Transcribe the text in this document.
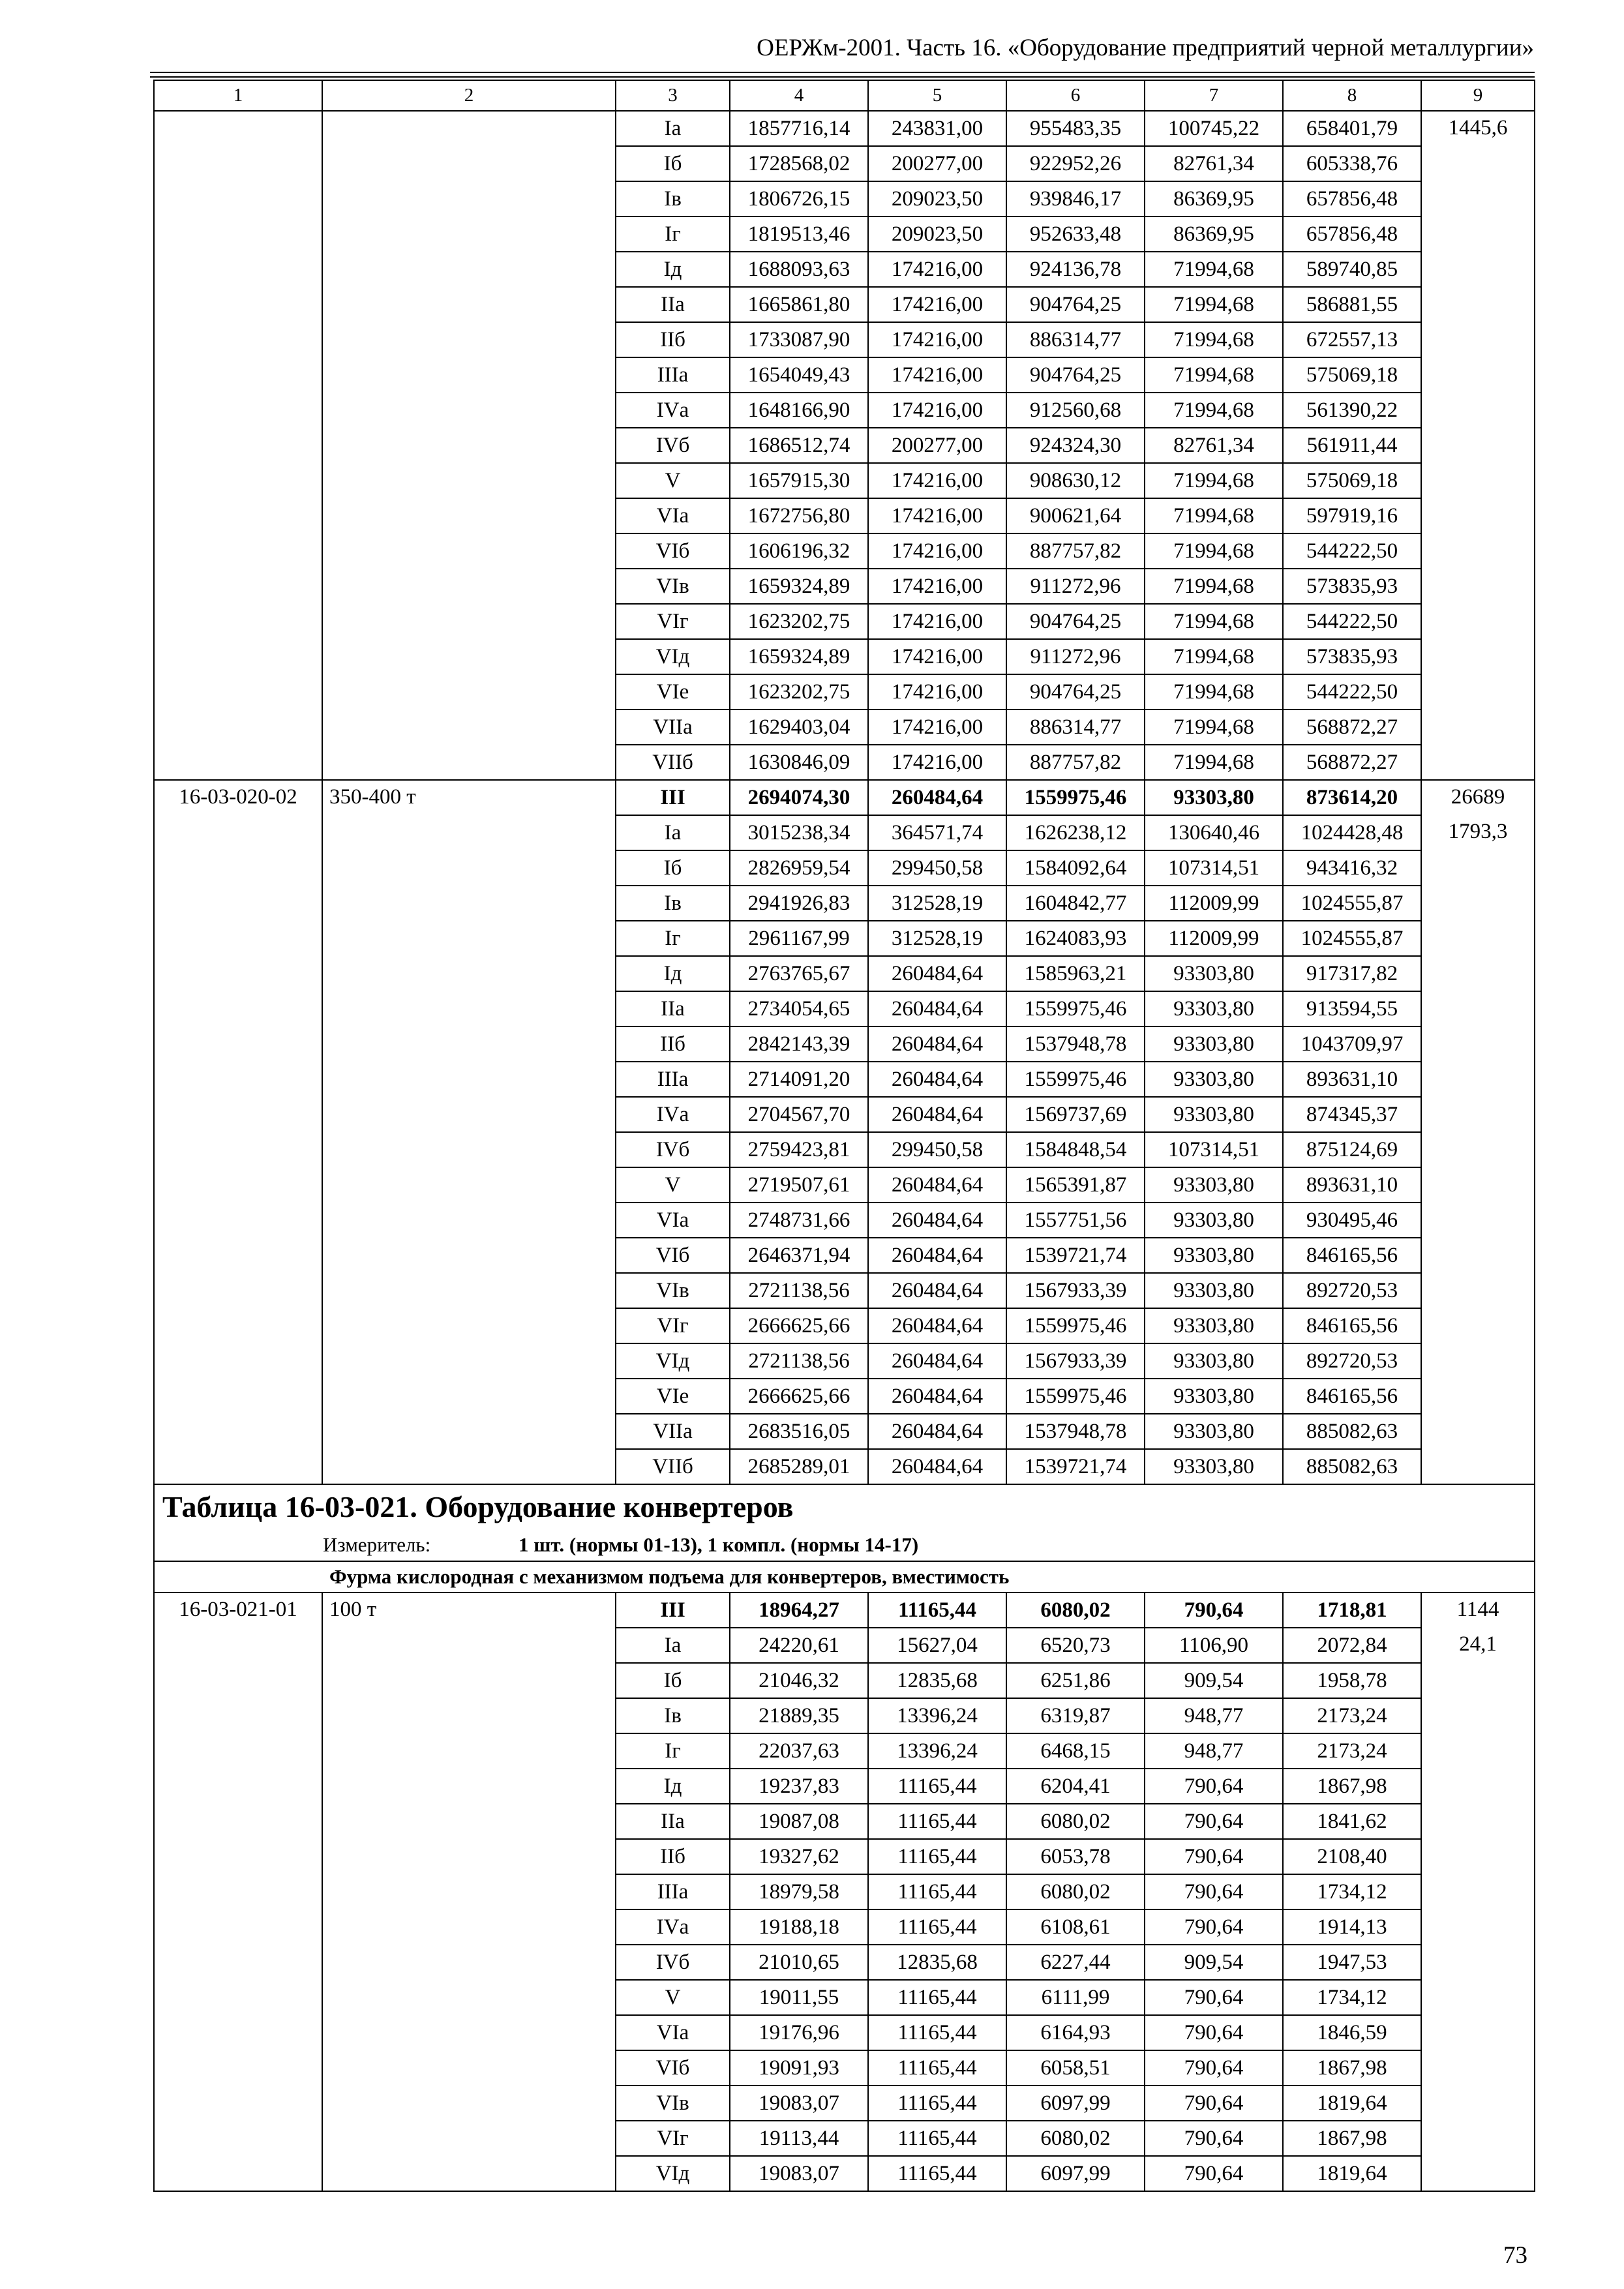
ОЕРЖм-2001. Часть 16. «Оборудование предприятий черной металлургии»
1	2	3	4	5	6	7	8	9
		Iа	1857716,14	243831,00	955483,35	100745,22	658401,79	1445,6
		Iб	1728568,02	200277,00	922952,26	82761,34	605338,76	
		Iв	1806726,15	209023,50	939846,17	86369,95	657856,48	
		Iг	1819513,46	209023,50	952633,48	86369,95	657856,48	
		Iд	1688093,63	174216,00	924136,78	71994,68	589740,85	
		IIа	1665861,80	174216,00	904764,25	71994,68	586881,55	
		IIб	1733087,90	174216,00	886314,77	71994,68	672557,13	
		IIIа	1654049,43	174216,00	904764,25	71994,68	575069,18	
		IVа	1648166,90	174216,00	912560,68	71994,68	561390,22	
		IVб	1686512,74	200277,00	924324,30	82761,34	561911,44	
		V	1657915,30	174216,00	908630,12	71994,68	575069,18	
		VIа	1672756,80	174216,00	900621,64	71994,68	597919,16	
		VIб	1606196,32	174216,00	887757,82	71994,68	544222,50	
		VIв	1659324,89	174216,00	911272,96	71994,68	573835,93	
		VIг	1623202,75	174216,00	904764,25	71994,68	544222,50	
		VIд	1659324,89	174216,00	911272,96	71994,68	573835,93	
		VIе	1623202,75	174216,00	904764,25	71994,68	544222,50	
		VIIа	1629403,04	174216,00	886314,77	71994,68	568872,27	
		VIIб	1630846,09	174216,00	887757,82	71994,68	568872,27	
16-03-020-02	350-400 т	III	2694074,30	260484,64	1559975,46	93303,80	873614,20	26689
		Iа	3015238,34	364571,74	1626238,12	130640,46	1024428,48	1793,3
		Iб	2826959,54	299450,58	1584092,64	107314,51	943416,32	
		Iв	2941926,83	312528,19	1604842,77	112009,99	1024555,87	
		Iг	2961167,99	312528,19	1624083,93	112009,99	1024555,87	
		Iд	2763765,67	260484,64	1585963,21	93303,80	917317,82	
		IIа	2734054,65	260484,64	1559975,46	93303,80	913594,55	
		IIб	2842143,39	260484,64	1537948,78	93303,80	1043709,97	
		IIIа	2714091,20	260484,64	1559975,46	93303,80	893631,10	
		IVа	2704567,70	260484,64	1569737,69	93303,80	874345,37	
		IVб	2759423,81	299450,58	1584848,54	107314,51	875124,69	
		V	2719507,61	260484,64	1565391,87	93303,80	893631,10	
		VIа	2748731,66	260484,64	1557751,56	93303,80	930495,46	
		VIб	2646371,94	260484,64	1539721,74	93303,80	846165,56	
		VIв	2721138,56	260484,64	1567933,39	93303,80	892720,53	
		VIг	2666625,66	260484,64	1559975,46	93303,80	846165,56	
		VIд	2721138,56	260484,64	1567933,39	93303,80	892720,53	
		VIе	2666625,66	260484,64	1559975,46	93303,80	846165,56	
		VIIа	2683516,05	260484,64	1537948,78	93303,80	885082,63	
		VIIб	2685289,01	260484,64	1539721,74	93303,80	885082,63	
Таблица 16-03-021. Оборудование конвертеров								
Измеритель: 1 шт. (нормы 01-13), 1 компл. (нормы 14-17)								
Фурма кислородная с механизмом подъема для конвертеров, вместимость								
16-03-021-01	100 т	III	18964,27	11165,44	6080,02	790,64	1718,81	1144
		Iа	24220,61	15627,04	6520,73	1106,90	2072,84	24,1
		Iб	21046,32	12835,68	6251,86	909,54	1958,78	
		Iв	21889,35	13396,24	6319,87	948,77	2173,24	
		Iг	22037,63	13396,24	6468,15	948,77	2173,24	
		Iд	19237,83	11165,44	6204,41	790,64	1867,98	
		IIа	19087,08	11165,44	6080,02	790,64	1841,62	
		IIб	19327,62	11165,44	6053,78	790,64	2108,40	
		IIIа	18979,58	11165,44	6080,02	790,64	1734,12	
		IVа	19188,18	11165,44	6108,61	790,64	1914,13	
		IVб	21010,65	12835,68	6227,44	909,54	1947,53	
		V	19011,55	11165,44	6111,99	790,64	1734,12	
		VIа	19176,96	11165,44	6164,93	790,64	1846,59	
		VIб	19091,93	11165,44	6058,51	790,64	1867,98	
		VIв	19083,07	11165,44	6097,99	790,64	1819,64	
		VIг	19113,44	11165,44	6080,02	790,64	1867,98	
		VIд	19083,07	11165,44	6097,99	790,64	1819,64	
73
